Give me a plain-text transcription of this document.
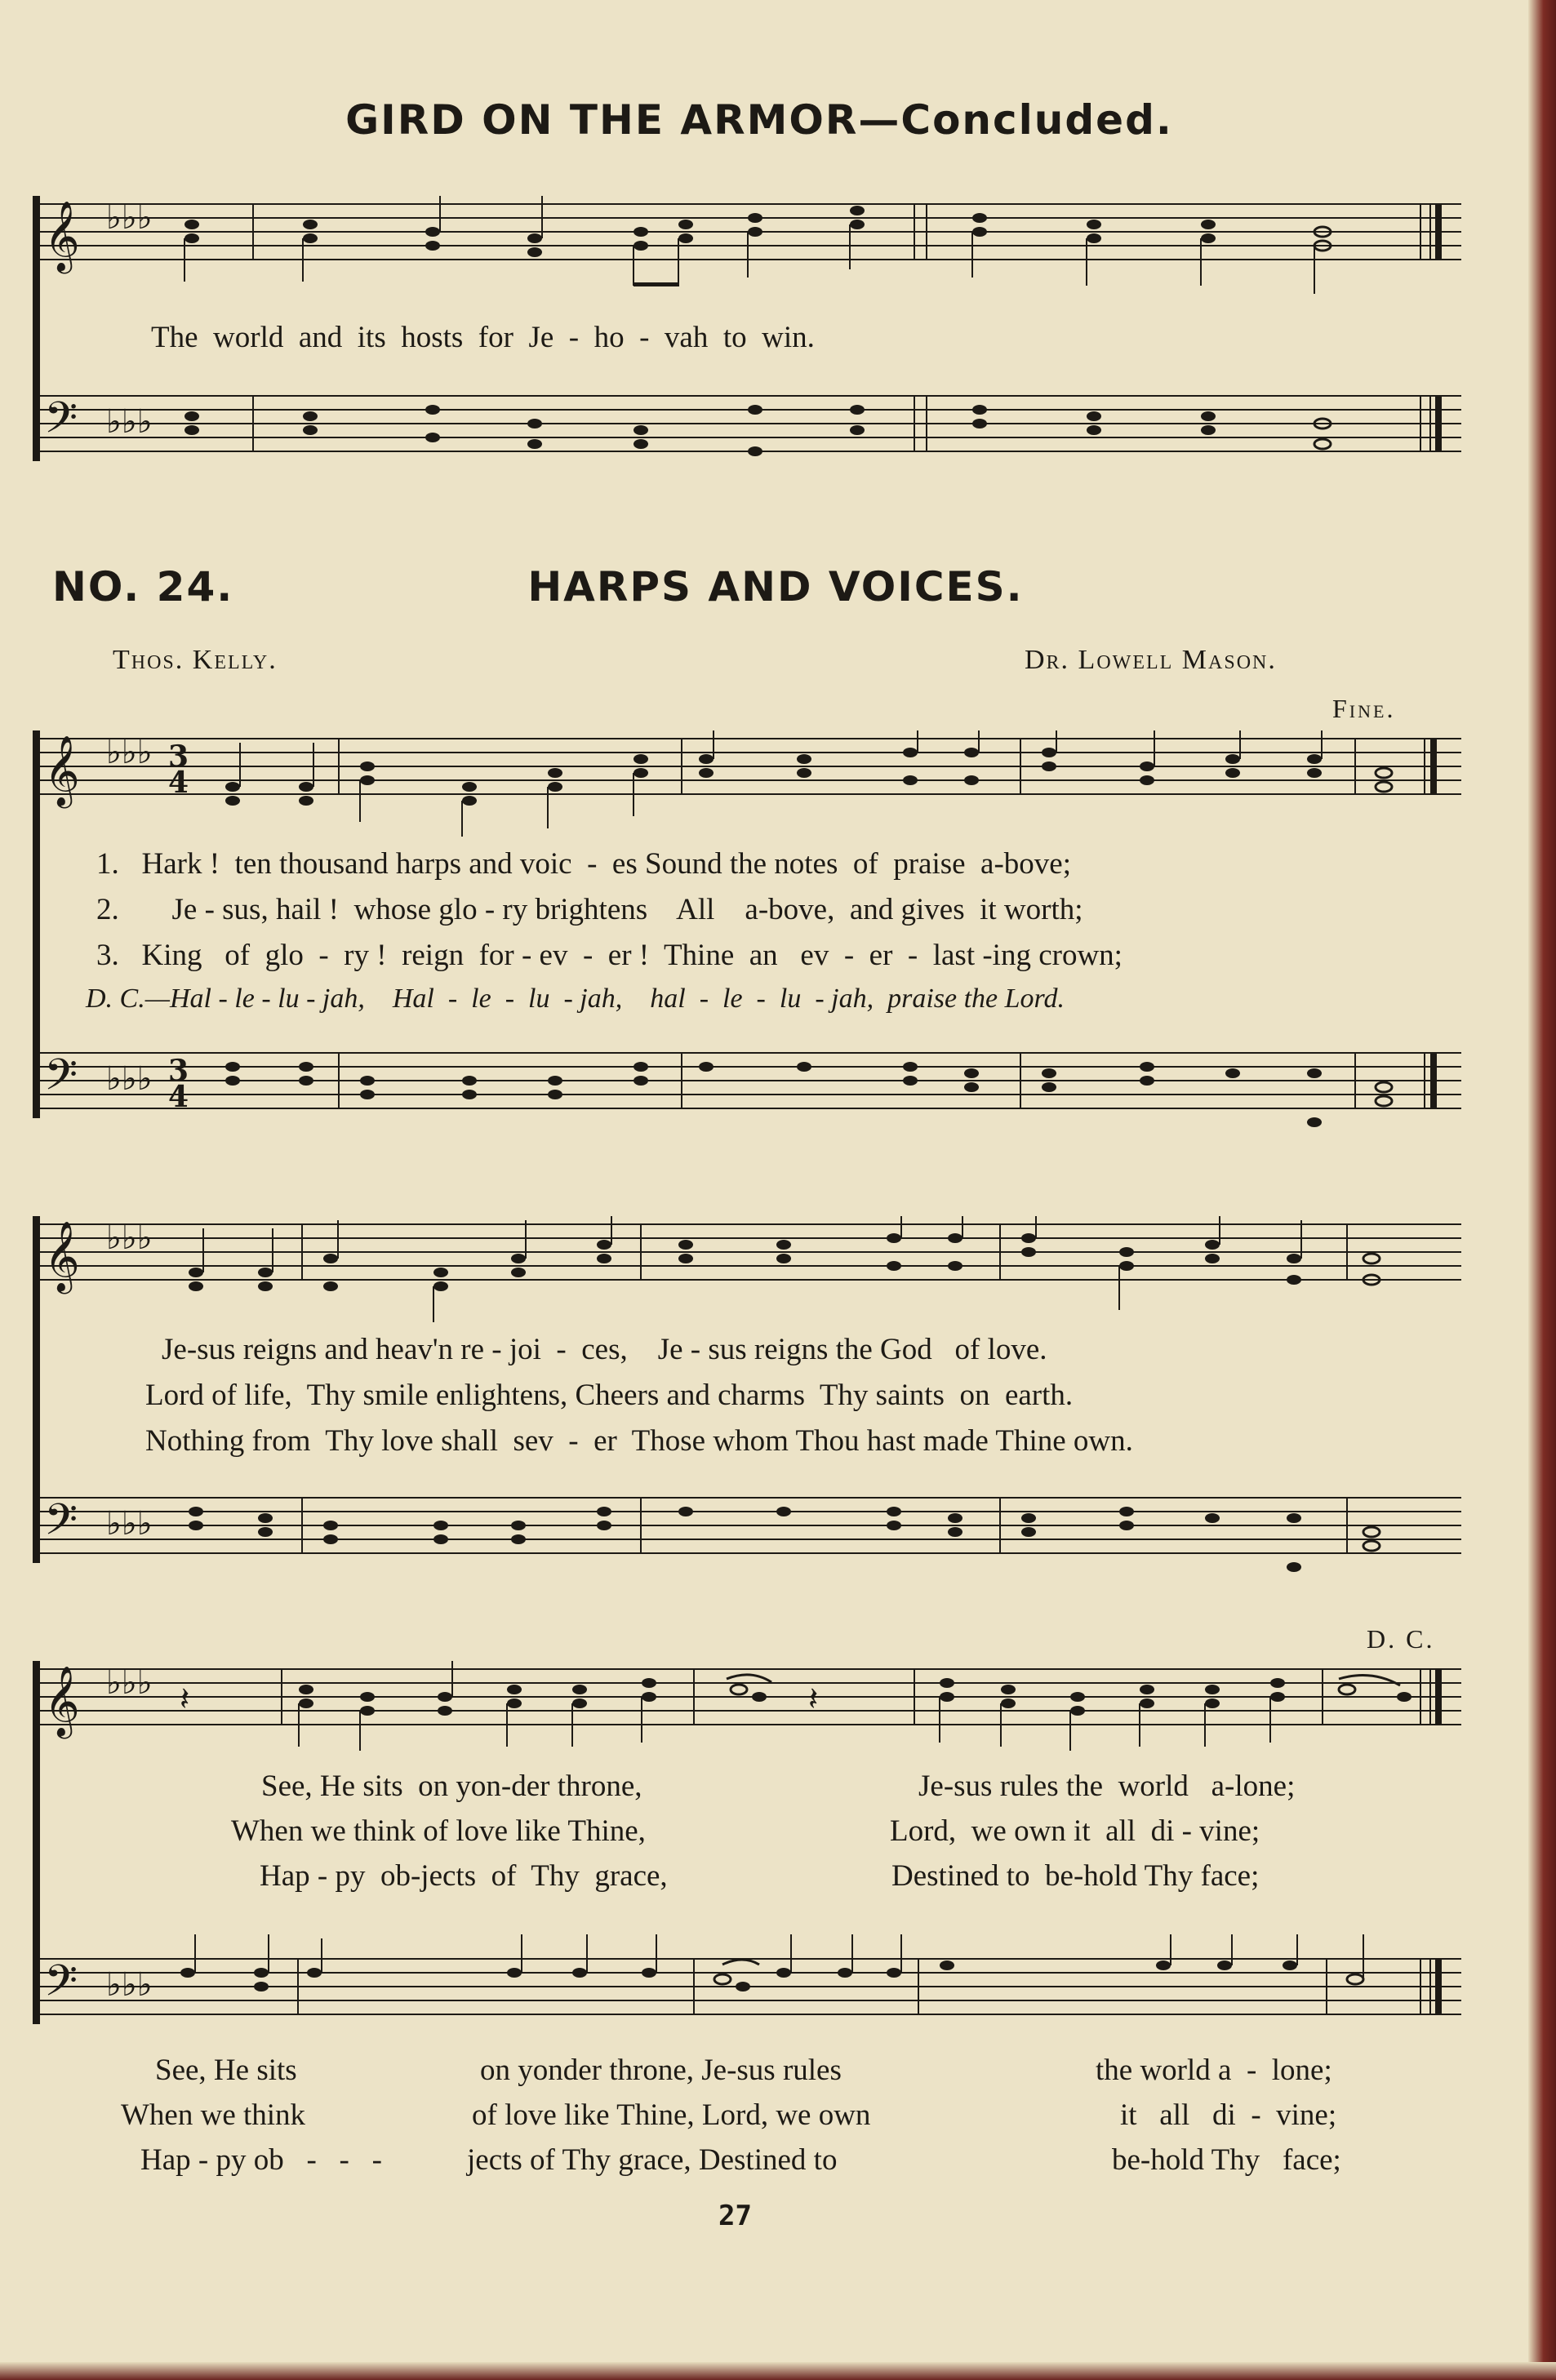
GIRD ON THE ARMOR—Concluded.
𝄞
𝄢
♭♭♭
♭♭♭
The  world  and  its  hosts  for  Je  -  ho  -  vah  to  win.
NO. 24.	HARPS AND VOICES.
Thos. Kelly.	Dr. Lowell Mason.
Fine.
𝄞
𝄢
♭♭♭
♭♭♭
3
4
3
4
1.   Hark !  ten thousand harps and voic  -  es Sound the notes  of  praise  a-bove;
2.       Je - sus, hail !  whose glo - ry brightens    All    a-bove,  and gives  it worth;
3.   King   of  glo  -  ry !  reign  for - ev  -  er !  Thine  an   ev  -  er  -  last -ing crown;
D. C.—Hal - le - lu - jah,    Hal  -  le  -  lu  - jah,    hal  -  le  -  lu  - jah,  praise the Lord.
𝄞
𝄢
♭♭♭
♭♭♭
Je-sus reigns and heav'n re - joi  -  ces,    Je - sus reigns the God   of love.
Lord of life,  Thy smile enlightens, Cheers and charms  Thy saints  on  earth.
Nothing from  Thy love shall  sev  -  er  Those whom Thou hast made Thine own.
D. C.
𝄞
𝄢
♭♭♭
♭♭♭
𝄽	𝄽
See, He sits  on yon-der throne,
When we think of love like Thine,
Hap - py  ob-jects  of  Thy  grace,
Je-sus rules the  world   a-lone;
Lord,  we own it  all  di - vine;
Destined to  be-hold Thy face;
See, He sits
When we think
Hap - py ob   -   -   -
on yonder throne, Je-sus rules
of love like Thine, Lord, we own
jects of Thy grace, Destined to
the world a  -  lone;
it   all   di  -  vine;
be-hold Thy   face;

27
